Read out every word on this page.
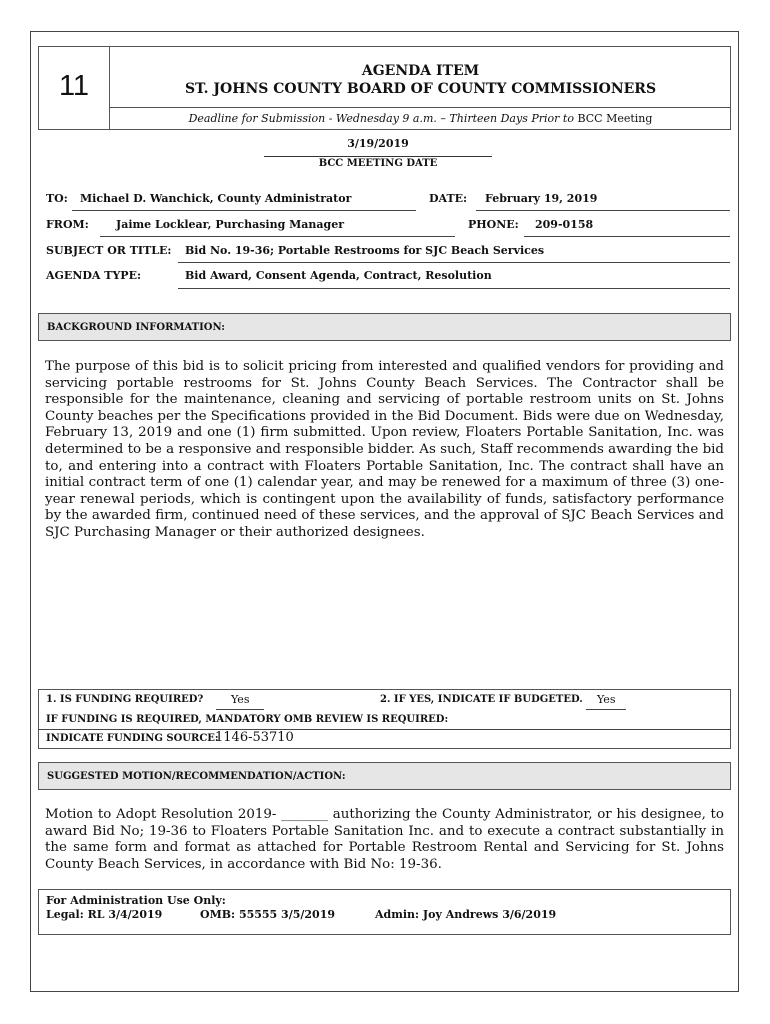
11	AGENDA ITEM
ST. JOHNS COUNTY BOARD OF COUNTY COMMISSIONERS
Deadline for Submission - Wednesday 9 a.m. – Thirteen Days Prior to BCC Meeting
3/19/2019
BCC MEETING DATE
TO: Michael D. Wanchick, County Administrator	DATE: February 19, 2019
FROM: Jaime Locklear, Purchasing Manager	PHONE: 209-0158
SUBJECT OR TITLE: Bid No. 19-36; Portable Restrooms for SJC Beach Services
AGENDA TYPE:	Bid Award, Consent Agenda, Contract, Resolution
BACKGROUND INFORMATION:
The purpose of this bid is to solicit pricing from interested and qualified vendors for providing and servicing portable restrooms for St. Johns County Beach Services. The Contractor shall be responsible for the maintenance, cleaning and servicing of portable restroom units on St. Johns County beaches per the Specifications provided in the Bid Document. Bids were due on Wednesday, February 13, 2019 and one (1) firm submitted. Upon review, Floaters Portable Sanitation, Inc. was determined to be a responsive and responsible bidder. As such, Staff recommends awarding the bid to, and entering into a contract with Floaters Portable Sanitation, Inc. The contract shall have an initial contract term of one (1) calendar year, and may be renewed for a maximum of three (3) one-year renewal periods, which is contingent upon the availability of funds, satisfactory performance by the awarded firm, continued need of these services, and the approval of SJC Beach Services and SJC Purchasing Manager or their authorized designees.
1. IS FUNDING REQUIRED?	Yes	2. IF YES, INDICATE IF BUDGETED. Yes
IF FUNDING IS REQUIRED, MANDATORY OMB REVIEW IS REQUIRED:
INDICATE FUNDING SOURCE:
1146-53710
SUGGESTED MOTION/RECOMMENDATION/ACTION:
Motion to Adopt Resolution 2019- _______ authorizing the County Administrator, or his designee, to award Bid No; 19-36 to Floaters Portable Sanitation Inc. and to execute a contract substantially in the same form and format as attached for Portable Restroom Rental and Servicing for St. Johns County Beach Services, in accordance with Bid No: 19-36.
For Administration Use Only:
Legal: RL 3/4/2019	OMB: 55555 3/5/2019	Admin: Joy Andrews 3/6/2019
